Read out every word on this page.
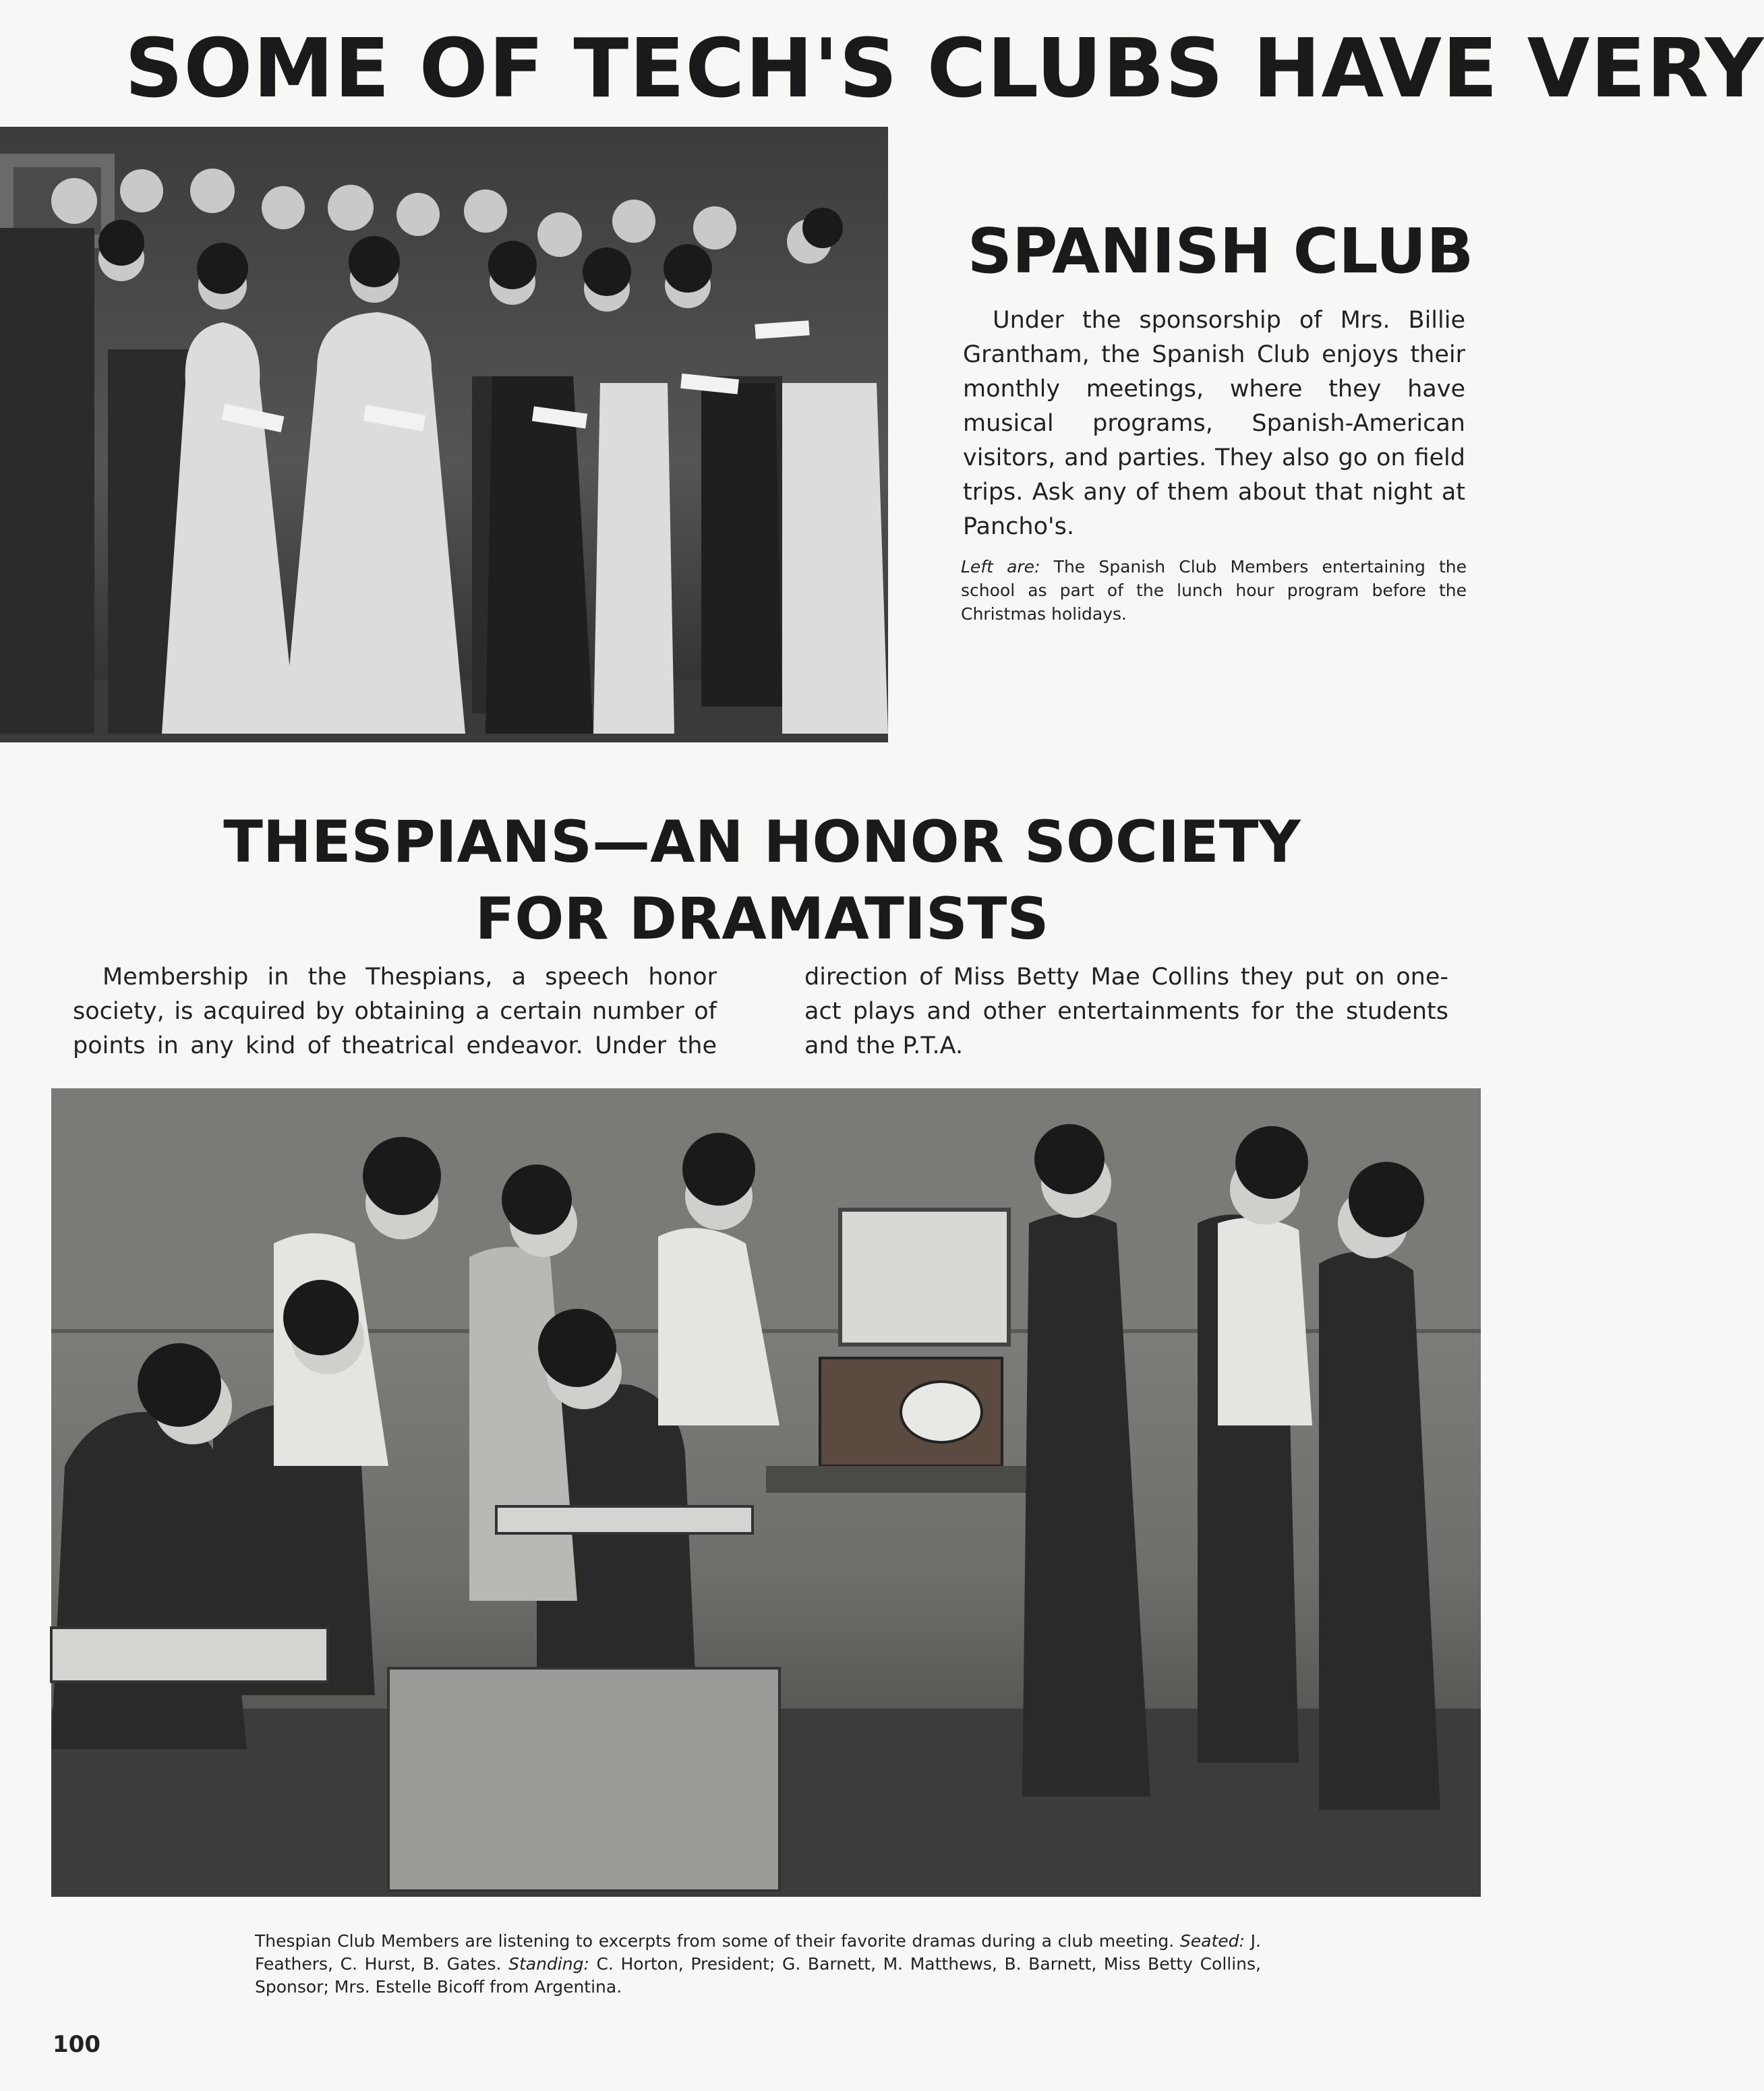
SOME OF TECH'S CLUBS HAVE VERY
SPANISH CLUB

Under the sponsorship of Mrs. Billie Grantham, the Spanish Club enjoys their monthly meetings, where they have musical programs, Spanish-American visitors, and parties. They also go on field trips. Ask any of them about that night at Pancho's.

Left are: The Spanish Club Members entertaining the school as part of the lunch hour program before the Christmas holidays.

THESPIANS—AN HONOR SOCIETY
FOR DRAMATISTS

Membership in the Thespians, a speech honor society, is acquired by obtaining a certain number of points in any kind of theatrical endeavor. Under the direction of Miss Betty Mae Collins they put on one-act plays and other entertainments for the students and the P.T.A.

Thespian Club Members are listening to excerpts from some of their favorite dramas during a club meeting. Seated: J. Feathers, C. Hurst, B. Gates. Standing: C. Horton, President; G. Barnett, M. Matthews, B. Barnett, Miss Betty Collins, Sponsor; Mrs. Estelle Bicoff from Argentina.

100
